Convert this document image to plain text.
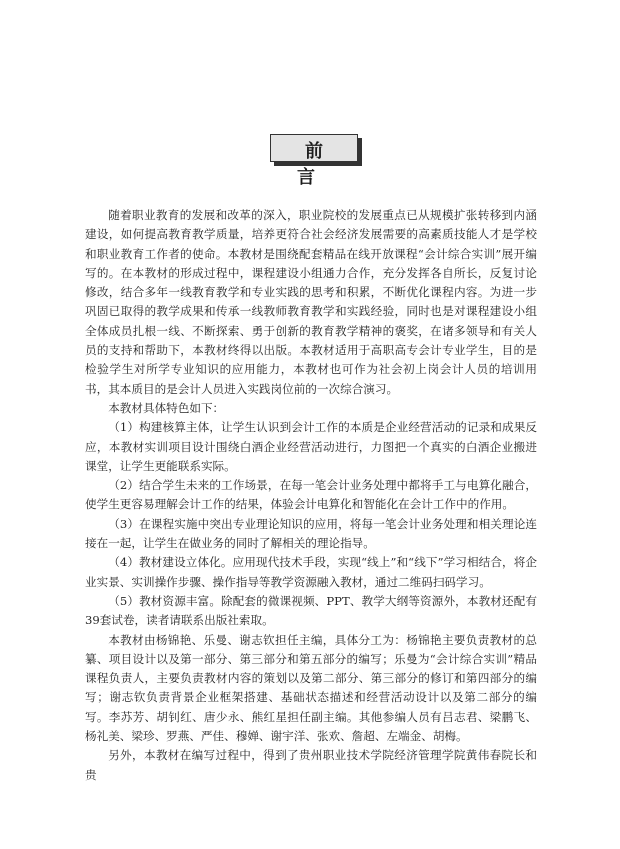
前　言

随着职业教育的发展和改革的深入，职业院校的发展重点已从规模扩张转移到内涵建设，如何提高教育教学质量，培养更符合社会经济发展需要的高素质技能人才是学校和职业教育工作者的使命。本教材是围绕配套精品在线开放课程“会计综合实训”展开编写的。在本教材的形成过程中，课程建设小组通力合作，充分发挥各自所长，反复讨论修改，结合多年一线教育教学和专业实践的思考和积累，不断优化课程内容。为进一步巩固已取得的教学成果和传承一线教师教育教学和实践经验，同时也是对课程建设小组全体成员扎根一线、不断探索、勇于创新的教育教学精神的褒奖，在诸多领导和有关人员的支持和帮助下，本教材终得以出版。本教材适用于高职高专会计专业学生，目的是检验学生对所学专业知识的应用能力，本教材也可作为社会初上岗会计人员的培训用书，其本质目的是会计人员进入实践岗位前的一次综合演习。

本教材具体特色如下：

（1）构建核算主体，让学生认识到会计工作的本质是企业经营活动的记录和成果反应，本教材实训项目设计围绕白酒企业经营活动进行，力图把一个真实的白酒企业搬进课堂，让学生更能联系实际。

（2）结合学生未来的工作场景，在每一笔会计业务处理中都将手工与电算化融合，使学生更容易理解会计工作的结果，体验会计电算化和智能化在会计工作中的作用。

（3）在课程实施中突出专业理论知识的应用，将每一笔会计业务处理和相关理论连接在一起，让学生在做业务的同时了解相关的理论指导。

（4）教材建设立体化。应用现代技术手段，实现“线上”和“线下”学习相结合，将企业实景、实训操作步骤、操作指导等教学资源融入教材，通过二维码扫码学习。

（5）教材资源丰富。除配套的微课视频、PPT、教学大纲等资源外，本教材还配有39套试卷，读者请联系出版社索取。

本教材由杨锦艳、乐曼、谢志钦担任主编，具体分工为：杨锦艳主要负责教材的总纂、项目设计以及第一部分、第三部分和第五部分的编写；乐曼为“会计综合实训”精品课程负责人，主要负责教材内容的策划以及第二部分、第三部分的修订和第四部分的编写；谢志钦负责背景企业框架搭建、基础状态描述和经营活动设计以及第二部分的编写。李苏芳、胡钊红、唐少永、熊红星担任副主编。其他参编人员有吕志君、梁鹏飞、杨礼美、梁珍、罗燕、严佳、穆婵、谢宇洋、张欢、詹超、左端金、胡梅。

另外，本教材在编写过程中，得到了贵州职业技术学院经济管理学院黄伟春院长和贵
